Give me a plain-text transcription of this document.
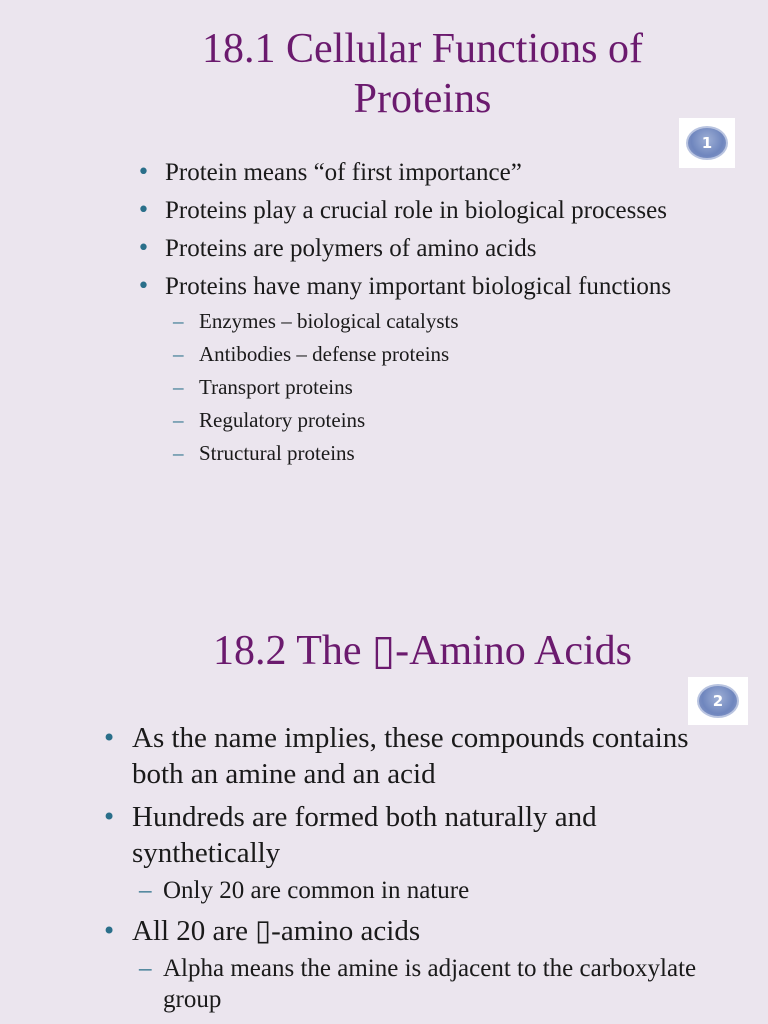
18.1 Cellular Functions of Proteins
1
• Protein means “of first importance”
• Proteins play a crucial role in biological processes
• Proteins are polymers of amino acids
• Proteins have many important biological functions
– Enzymes – biological catalysts
– Antibodies – defense proteins
– Transport proteins
– Regulatory proteins
– Structural proteins
18.2 The ▯-Amino Acids
2
• As the name implies, these compounds contains both an amine and an acid
• Hundreds are formed both naturally and synthetically
– Only 20 are common in nature
• All 20 are ▯-amino acids
– Alpha means the amine is adjacent to the carboxylate group
